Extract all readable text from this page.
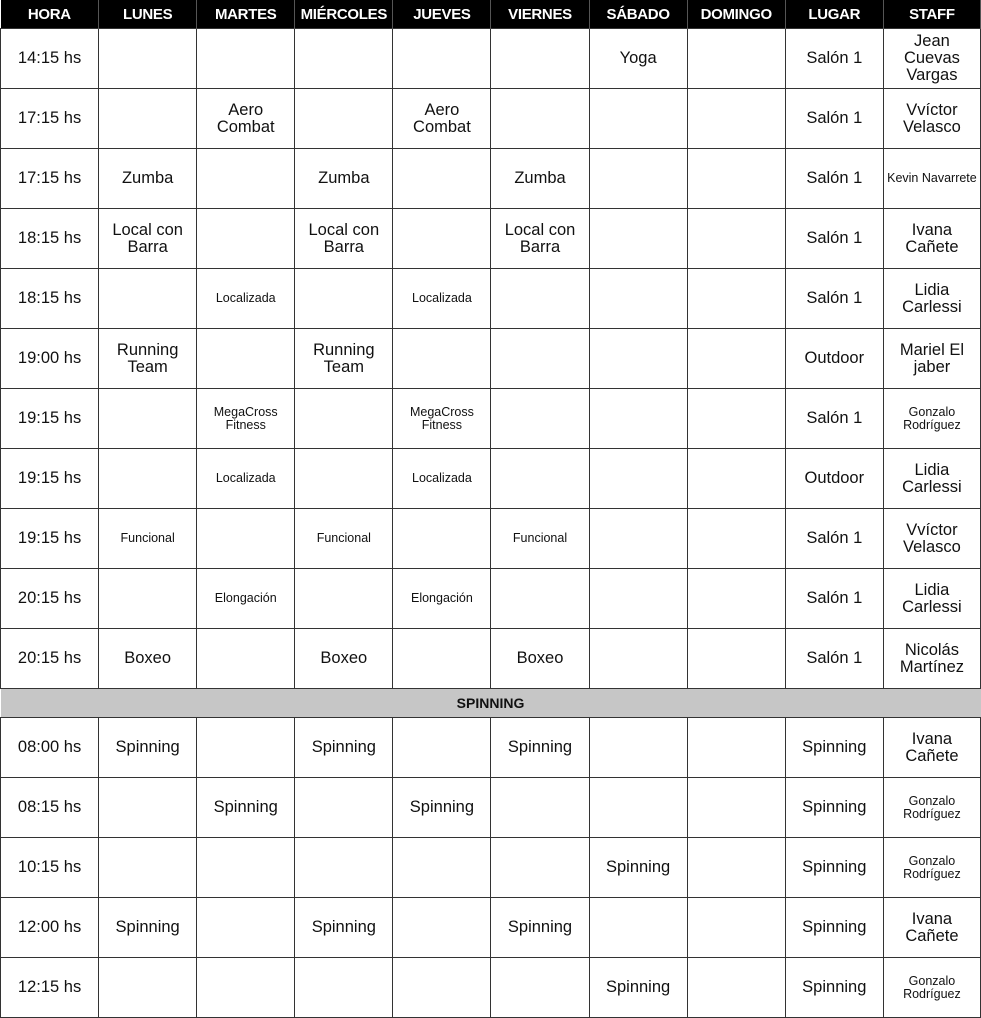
HORA	LUNES	MARTES	MIÉRCOLES	JUEVES	VIERNES	SÁBADO	DOMINGO	LUGAR	STAFF
14:15 hs						Yoga		Salón 1	Jean Cuevas Vargas
17:15 hs		Aero Combat		Aero Combat				Salón 1	Vvíctor Velasco
17:15 hs	Zumba		Zumba		Zumba			Salón 1	Kevin Navarrete
18:15 hs	Local con Barra		Local con Barra		Local con Barra			Salón 1	Ivana Cañete
18:15 hs		Localizada		Localizada				Salón 1	Lidia Carlessi
19:00 hs	Running Team		Running Team					Outdoor	Mariel El jaber
19:15 hs		MegaCross Fitness		MegaCross Fitness				Salón 1	Gonzalo Rodríguez
19:15 hs		Localizada		Localizada				Outdoor	Lidia Carlessi
19:15 hs	Funcional		Funcional		Funcional			Salón 1	Vvíctor Velasco
20:15 hs		Elongación		Elongación				Salón 1	Lidia Carlessi
20:15 hs	Boxeo		Boxeo		Boxeo			Salón 1	Nicolás Martínez
SPINNING									
08:00 hs	Spinning		Spinning		Spinning			Spinning	Ivana Cañete
08:15 hs		Spinning		Spinning				Spinning	Gonzalo Rodríguez
10:15 hs						Spinning		Spinning	Gonzalo Rodríguez
12:00 hs	Spinning		Spinning		Spinning			Spinning	Ivana Cañete
12:15 hs						Spinning		Spinning	Gonzalo Rodríguez
